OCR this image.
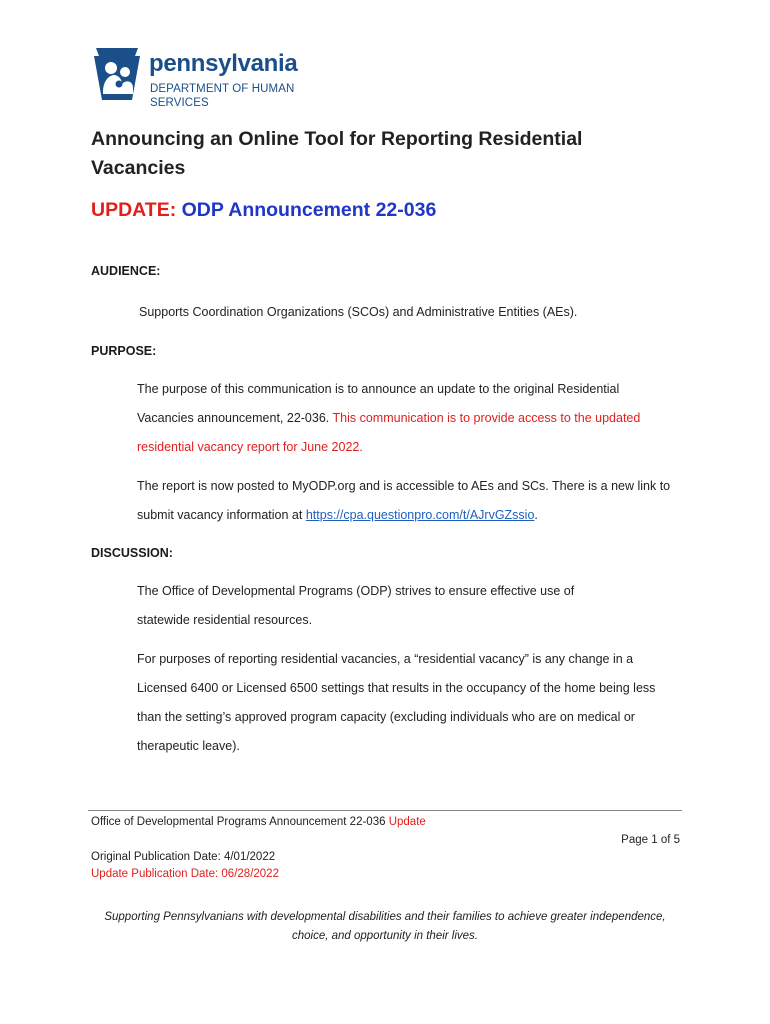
pennsylvania
DEPARTMENT OF HUMAN SERVICES
Announcing an Online Tool for Reporting Residential Vacancies
UPDATE: ODP Announcement 22-036
AUDIENCE:
Supports Coordination Organizations (SCOs) and Administrative Entities (AEs).
PURPOSE:
The purpose of this communication is to announce an update to the original Residential Vacancies announcement, 22-036. This communication is to provide access to the updated residential vacancy report for June 2022.
The report is now posted to MyODP.org and is accessible to AEs and SCs. There is a new link to submit vacancy information at https://cpa.questionpro.com/t/AJrvGZssio.
DISCUSSION:
The Office of Developmental Programs (ODP) strives to ensure effective use of statewide residential resources.
For purposes of reporting residential vacancies, a “residential vacancy” is any change in a Licensed 6400 or Licensed 6500 settings that results in the occupancy of the home being less than the setting’s approved program capacity (excluding individuals who are on medical or therapeutic leave).
Office of Developmental Programs Announcement 22-036 Update
Page 1 of 5
Original Publication Date: 4/01/2022
Update Publication Date: 06/28/2022
Supporting Pennsylvanians with developmental disabilities and their families to achieve greater independence, choice, and opportunity in their lives.
